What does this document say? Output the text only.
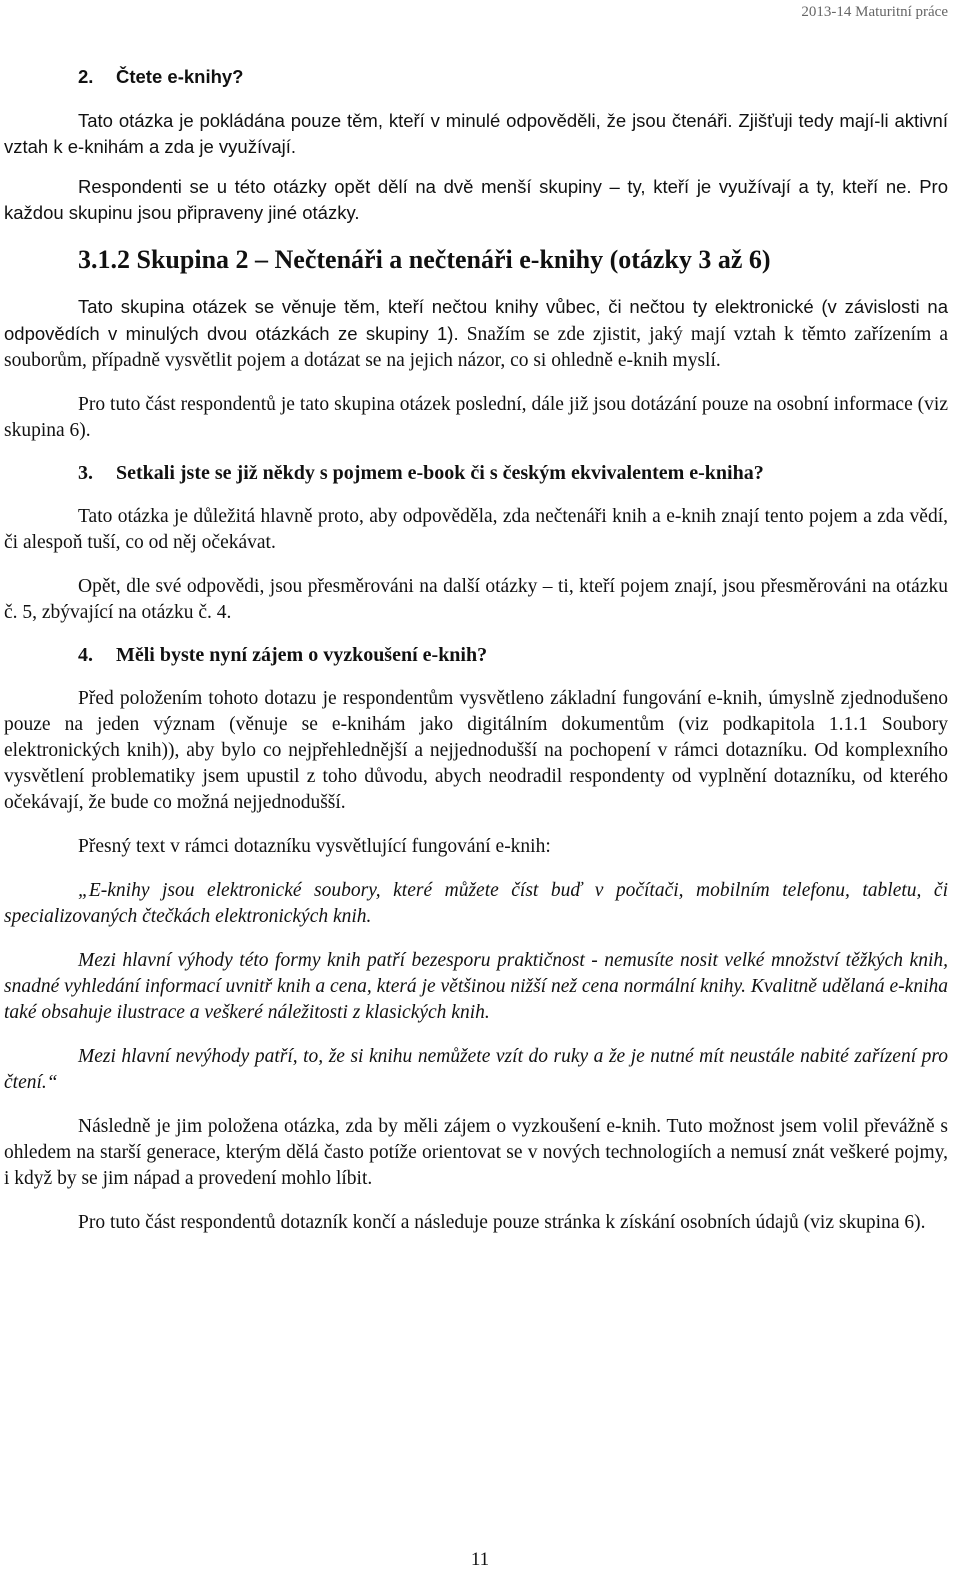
2013-14 Maturitní práce
2. Čtete e-knihy?

Tato otázka je pokládána pouze těm, kteří v minulé odpověděli, že jsou čtenáři. Zjišťuji tedy mají-li aktivní vztah k e-knihám a zda je využívají.

Respondenti se u této otázky opět dělí na dvě menší skupiny – ty, kteří je využívají a ty, kteří ne. Pro každou skupinu jsou připraveny jiné otázky.

3.1.2 Skupina 2 – Nečtenáři a nečtenáři e-knihy (otázky 3 až 6)

Tato skupina otázek se věnuje těm, kteří nečtou knihy vůbec, či nečtou ty elektronické (v závislosti na odpovědích v minulých dvou otázkách ze skupiny 1). Snažím se zde zjistit, jaký mají vztah k těmto zařízením a souborům, případně vysvětlit pojem a dotázat se na jejich názor, co si ohledně e-knih myslí.

Pro tuto část respondentů je tato skupina otázek poslední, dále již jsou dotázání pouze na osobní informace (viz skupina 6).

3. Setkali jste se již někdy s pojmem e-book či s českým ekvivalentem e-kniha?

Tato otázka je důležitá hlavně proto, aby odpověděla, zda nečtenáři knih a e-knih znají tento pojem a zda vědí, či alespoň tuší, co od něj očekávat.

Opět, dle své odpovědi, jsou přesměrováni na další otázky – ti, kteří pojem znají, jsou přesměrováni na otázku č. 5, zbývající na otázku č. 4.

4. Měli byste nyní zájem o vyzkoušení e-knih?

Před položením tohoto dotazu je respondentům vysvětleno základní fungování e-knih, úmyslně zjednodušeno pouze na jeden význam (věnuje se e-knihám jako digitálním dokumentům (viz podkapitola 1.1.1 Soubory elektronických knih)), aby bylo co nejpřehlednější a nejjednodušší na pochopení v rámci dotazníku. Od komplexního vysvětlení problematiky jsem upustil z toho důvodu, abych neodradil respondenty od vyplnění dotazníku, od kterého očekávají, že bude co možná nejjednodušší.

Přesný text v rámci dotazníku vysvětlující fungování e-knih:

„E-knihy jsou elektronické soubory, které můžete číst buď v počítači, mobilním telefonu, tabletu, či specializovaných čtečkách elektronických knih.

Mezi hlavní výhody této formy knih patří bezesporu praktičnost - nemusíte nosit velké množství těžkých knih, snadné vyhledání informací uvnitř knih a cena, která je většinou nižší než cena normální knihy. Kvalitně udělaná e-kniha také obsahuje ilustrace a veškeré náležitosti z klasických knih.

Mezi hlavní nevýhody patří, to, že si knihu nemůžete vzít do ruky a že je nutné mít neustále nabité zařízení pro čtení.“

Následně je jim položena otázka, zda by měli zájem o vyzkoušení e-knih. Tuto možnost jsem volil převážně s ohledem na starší generace, kterým dělá často potíže orientovat se v nových technologiích a nemusí znát veškeré pojmy, i když by se jim nápad a provedení mohlo líbit.

Pro tuto část respondentů dotazník končí a následuje pouze stránka k získání osobních údajů (viz skupina 6).

11
